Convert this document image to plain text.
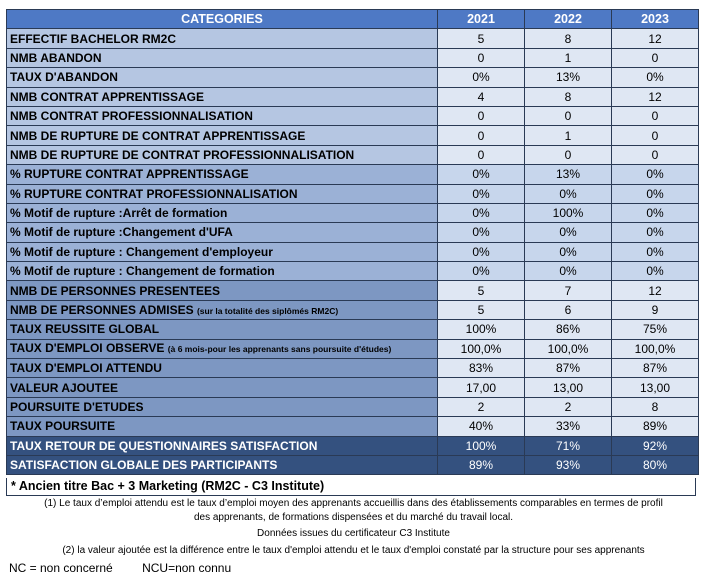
CATEGORIES	2021	2022	2023
EFFECTIF BACHELOR RM2C	5	8	12
NMB ABANDON	0	1	0
TAUX D'ABANDON	0%	13%	0%
NMB CONTRAT APPRENTISSAGE	4	8	12
NMB CONTRAT PROFESSIONNALISATION	0	0	0
NMB DE RUPTURE DE CONTRAT APPRENTISSAGE	0	1	0
NMB DE RUPTURE DE CONTRAT PROFESSIONNALISATION	0	0	0
% RUPTURE CONTRAT APPRENTISSAGE	0%	13%	0%
% RUPTURE CONTRAT PROFESSIONNALISATION	0%	0%	0%
% Motif de rupture :Arrêt de formation	0%	100%	0%
% Motif de rupture :Changement d'UFA	0%	0%	0%
% Motif de rupture : Changement d'employeur	0%	0%	0%
% Motif de rupture : Changement de formation	0%	0%	0%
NMB DE PERSONNES PRESENTEES	5	7	12
NMB DE PERSONNES ADMISES (sur la totalité des siplômés RM2C)	5	6	9
TAUX REUSSITE GLOBAL	100%	86%	75%
TAUX D'EMPLOI OBSERVE (à 6 mois-pour les apprenants sans poursuite d'études)	100,0%	100,0%	100,0%
TAUX D'EMPLOI ATTENDU	83%	87%	87%
VALEUR AJOUTEE	17,00	13,00	13,00
POURSUITE D'ETUDES	2	2	8
TAUX POURSUITE	40%	33%	89%
TAUX RETOUR DE QUESTIONNAIRES SATISFACTION	100%	71%	92%
SATISFACTION GLOBALE DES PARTICIPANTS	89%	93%	80%
* Ancien titre Bac + 3 Marketing (RM2C - C3 Institute)
(1) Le taux d’emploi attendu est le taux d’emploi moyen des apprenants accueillis dans des établissements comparables en termes de profil
des apprenants, de formations dispensées et du marché du travail local.
Données issues du certificateur C3 Institute
(2) la valeur ajoutée est la différence entre le taux d'emploi attendu et le taux d'emploi constaté par la structure pour ses apprenants
NC = non concerné NCU=non connu
